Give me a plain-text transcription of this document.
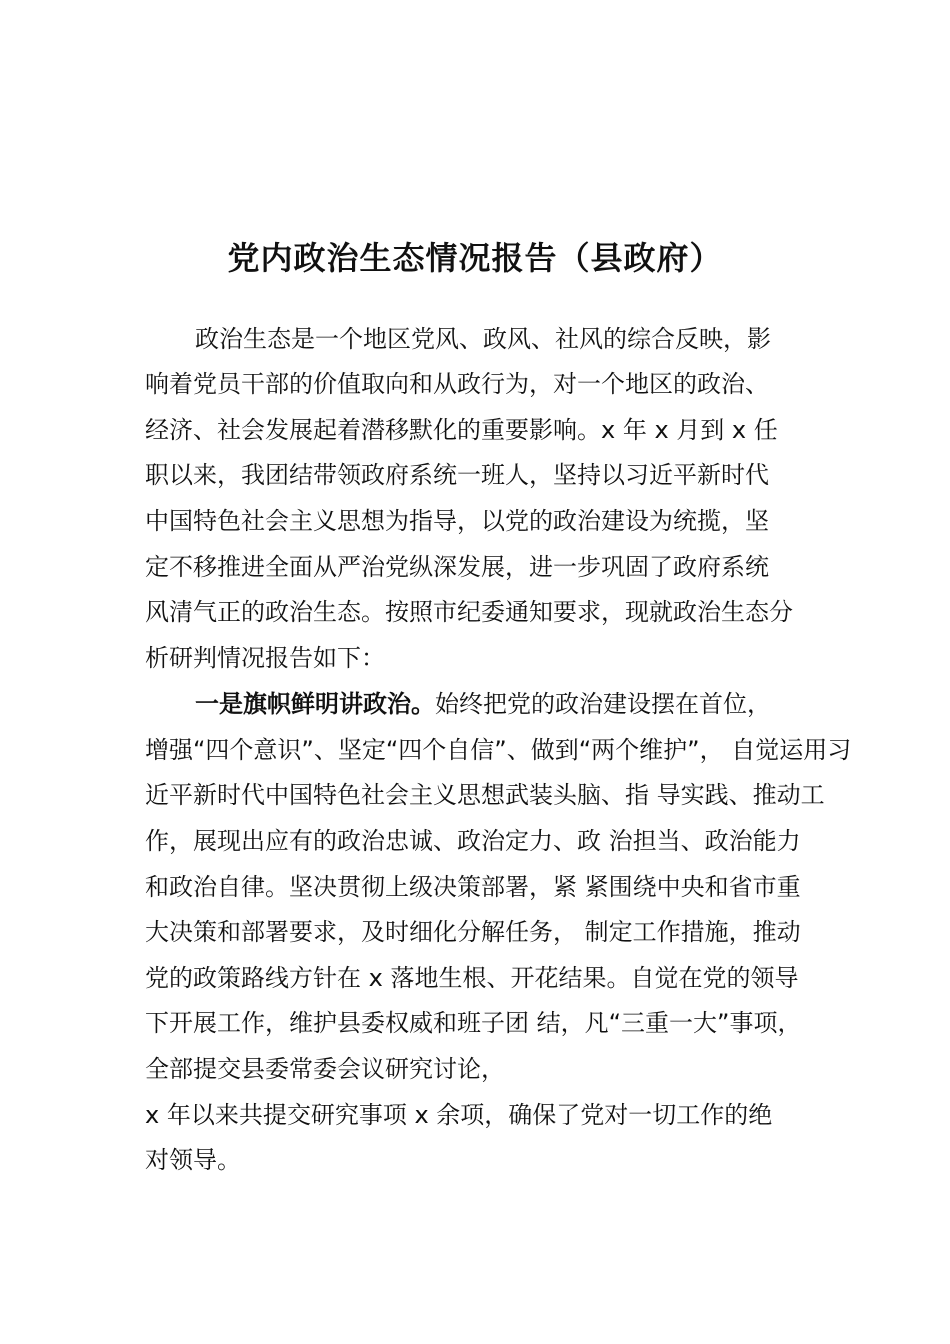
党内政治生态情况报告（县政府）

政治生态是一个地区党风、政风、社风的综合反映，影

响着党员干部的价值取向和从政行为，对一个地区的政治、

经济、社会发展起着潜移默化的重要影响。x 年 x 月到 x 任

职以来，我团结带领政府系统一班人，坚持以习近平新时代

中国特色社会主义思想为指导，以党的政治建设为统揽，坚

定不移推进全面从严治党纵深发展，进一步巩固了政府系统

风清气正的政治生态。按照市纪委通知要求，现就政治生态分

析研判情况报告如下：

一是旗帜鲜明讲政治。始终把党的政治建设摆在首位，

增强“四个意识”、坚定“四个自信”、做到“两个维护”， 自觉运用习

近平新时代中国特色社会主义思想武装头脑、指 导实践、推动工

作，展现出应有的政治忠诚、政治定力、政 治担当、政治能力

和政治自律。坚决贯彻上级决策部署，紧 紧围绕中央和省市重

大决策和部署要求，及时细化分解任务， 制定工作措施，推动

党的政策路线方针在 x 落地生根、开花结果。自觉在党的领导

下开展工作，维护县委权威和班子团 结，凡“三重一大”事项，

全部提交县委常委会议研究讨论，

x 年以来共提交研究事项 x 余项，确保了党对一切工作的绝

对领导。
